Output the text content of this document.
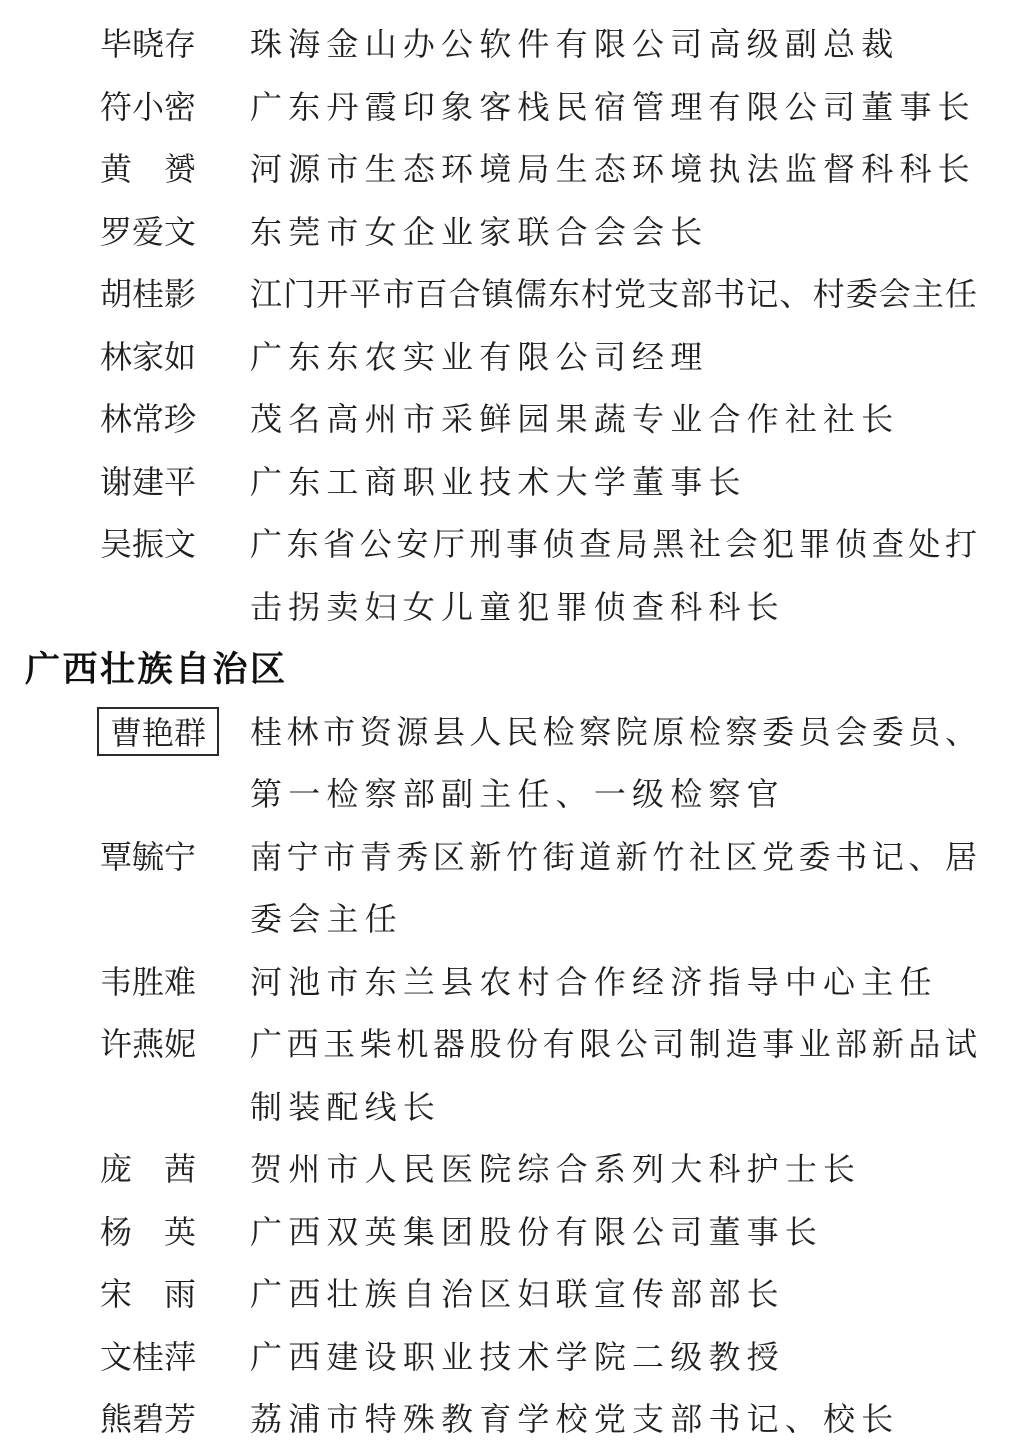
毕 晓 存 珠 海 金 山 办 公 软 件 有 限 公 司 高 级 副 总 裁
符 小 密 广 东 丹 霞 印 象 客 栈 民 宿 管 理 有 限 公 司 董 事 长
黄 赟 河 源 市 生 态 环 境 局 生 态 环 境 执 法 监 督 科 科 长
罗 爱 文 东 莞 市 女 企 业 家 联 合 会 会 长
胡 桂 影 江 门 开 平 市 百 合 镇 儒 东 村 党 支 部 书 记 、 村 委 会 主 任
林 家 如 广 东 东 农 实 业 有 限 公 司 经 理
林 常 珍 茂 名 高 州 市 采 鲜 园 果 蔬 专 业 合 作 社 社 长
谢 建 平 广 东 工 商 职 业 技 术 大 学 董 事 长
吴 振 文 广 东 省 公 安 厅 刑 事 侦 查 局 黑 社 会 犯 罪 侦 查 处 打
击 拐 卖 妇 女 儿 童 犯 罪 侦 查 科 科 长
广西壮族自治区
曹 艳 群 桂 林 市 资 源 县 人 民 检 察 院 原 检 察 委 员 会 委 员 、
第 一 检 察 部 副 主 任 、 一 级 检 察 官
覃 毓 宁 南 宁 市 青 秀 区 新 竹 街 道 新 竹 社 区 党 委 书 记 、 居
委 会 主 任
韦 胜 难 河 池 市 东 兰 县 农 村 合 作 经 济 指 导 中 心 主 任
许 燕 妮 广 西 玉 柴 机 器 股 份 有 限 公 司 制 造 事 业 部 新 品 试
制 装 配 线 长
庞 茜 贺 州 市 人 民 医 院 综 合 系 列 大 科 护 士 长
杨 英 广 西 双 英 集 团 股 份 有 限 公 司 董 事 长
宋 雨 广 西 壮 族 自 治 区 妇 联 宣 传 部 部 长
文 桂 萍 广 西 建 设 职 业 技 术 学 院 二 级 教 授
熊 碧 芳 荔 浦 市 特 殊 教 育 学 校 党 支 部 书 记 、 校 长
